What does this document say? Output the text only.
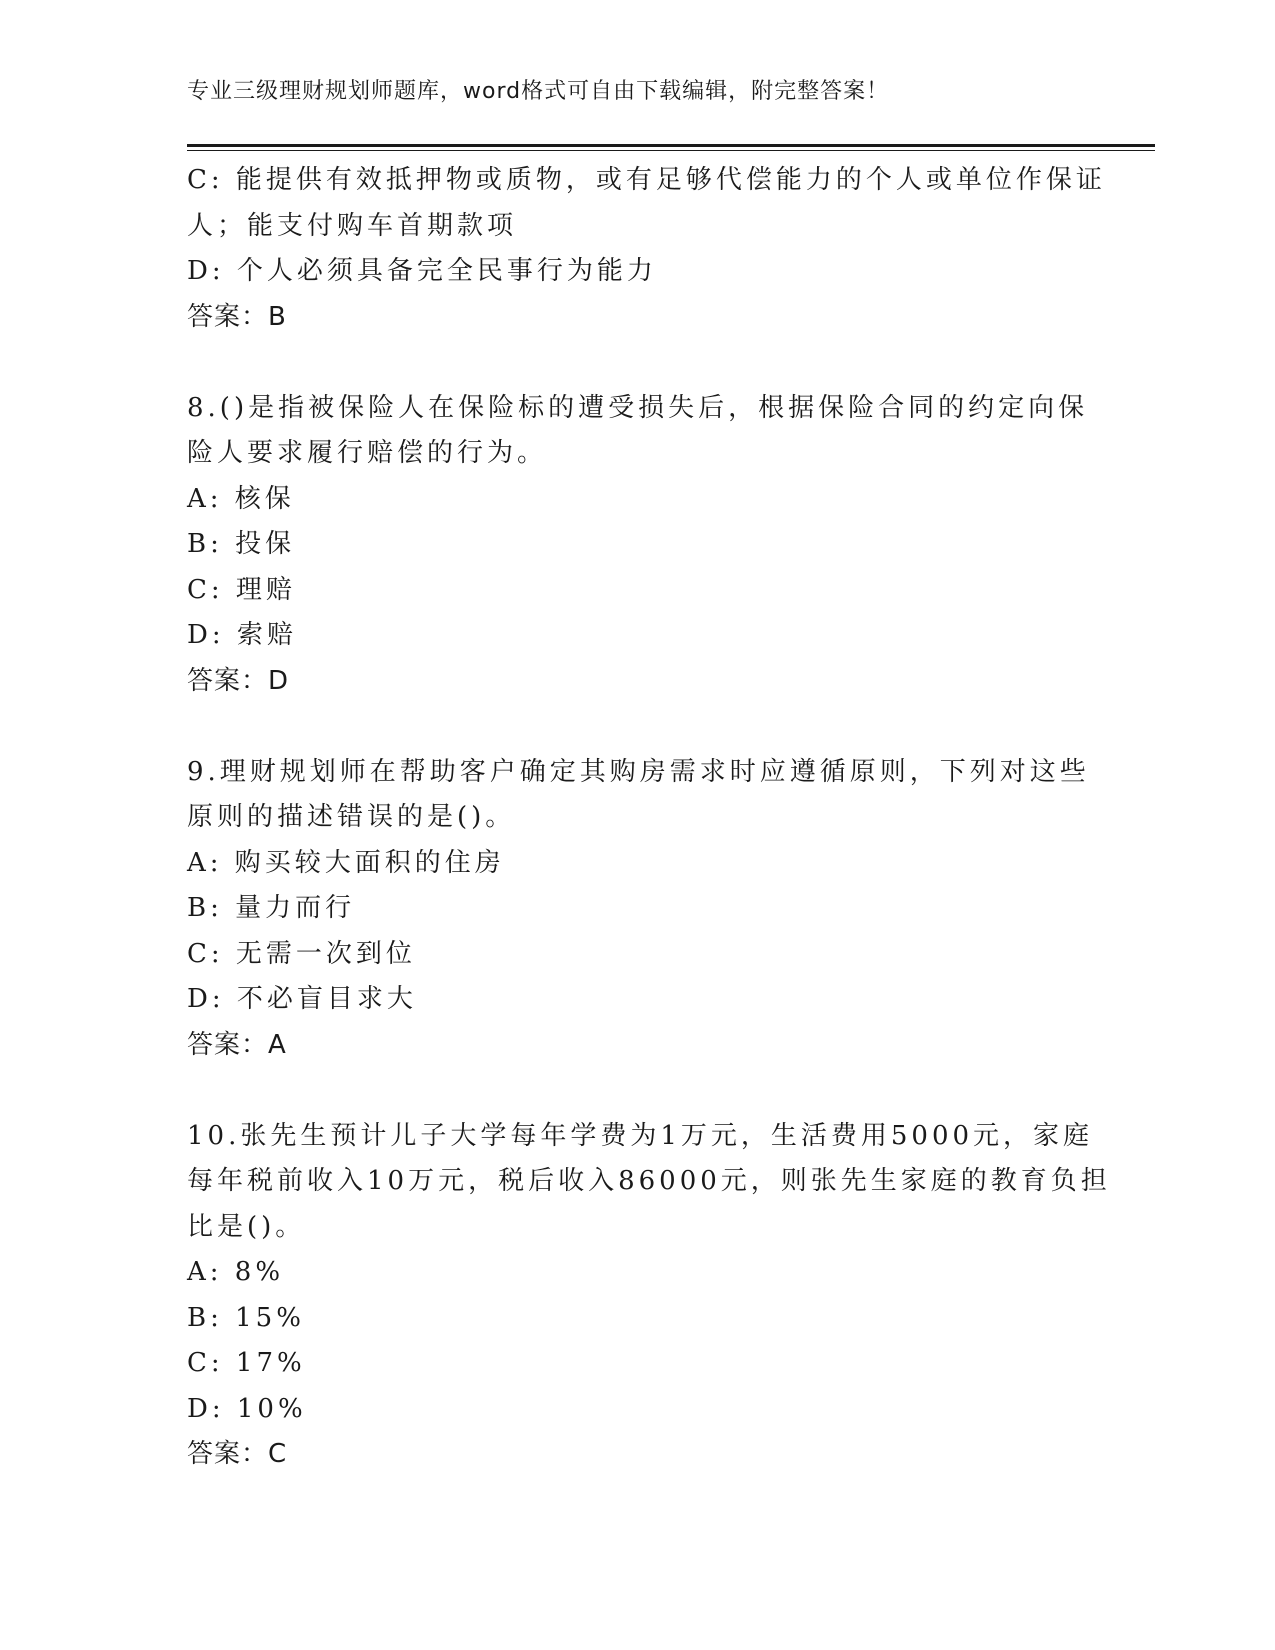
专业三级理财规划师题库，word格式可自由下载编辑，附完整答案！
C: 能提供有效抵押物或质物，或有足够代偿能力的个人或单位作保证
人；能支付购车首期款项
D: 个人必须具备完全民事行为能力
答案：B
8.()是指被保险人在保险标的遭受损失后，根据保险合同的约定向保
险人要求履行赔偿的行为。
A: 核保
B: 投保
C: 理赔
D: 索赔
答案：D
9.理财规划师在帮助客户确定其购房需求时应遵循原则，下列对这些
原则的描述错误的是()。
A: 购买较大面积的住房
B: 量力而行
C: 无需一次到位
D: 不必盲目求大
答案：A
10.张先生预计儿子大学每年学费为1万元，生活费用5000元，家庭
每年税前收入10万元，税后收入86000元，则张先生家庭的教育负担
比是()。
A: 8%
B: 15%
C: 17%
D: 10%
答案：C
